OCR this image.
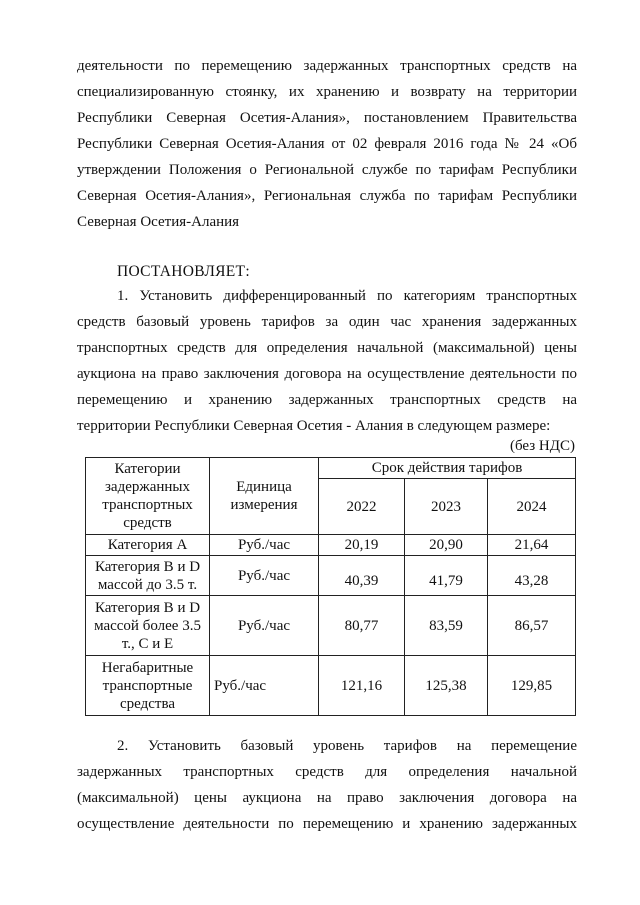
деятельности по перемещению задержанных транспортных средств на
специализированную стоянку, их хранению и возврату на территории
Республики Северная Осетия-Алания», постановлением Правительства
Республики Северная Осетия-Алания от 02 февраля 2016 года № 24 «Об
утверждении Положения о Региональной службе по тарифам Республики
Северная Осетия-Алания», Региональная служба по тарифам Республики
Северная Осетия-Алания
ПОСТАНОВЛЯЕТ:
1. Установить дифференцированный по категориям транспортных
средств базовый уровень тарифов за один час хранения задержанных
транспортных средств для определения начальной (максимальной) цены
аукциона на право заключения договора на осуществление деятельности по
перемещению и хранению задержанных транспортных средств на
территории Республики Северная Осетия - Алания в следующем размере:
(без НДС)
Категории задержанных транспортных средств	Единица измерения	Срок действия тарифов		
		2022	2023	2024
Категория А	Руб./час	20,19	20,90	21,64
Категория В и D массой до 3.5 т.	Руб./час	40,39	41,79	43,28
Категория В и D массой более 3.5 т., С и Е	Руб./час	80,77	83,59	86,57
Негабаритные транспортные средства	Руб./час	121,16	125,38	129,85
2. Установить базовый уровень тарифов на перемещение
задержанных транспортных средств для определения начальной
(максимальной) цены аукциона на право заключения договора на
осуществление деятельности по перемещению и хранению задержанных
